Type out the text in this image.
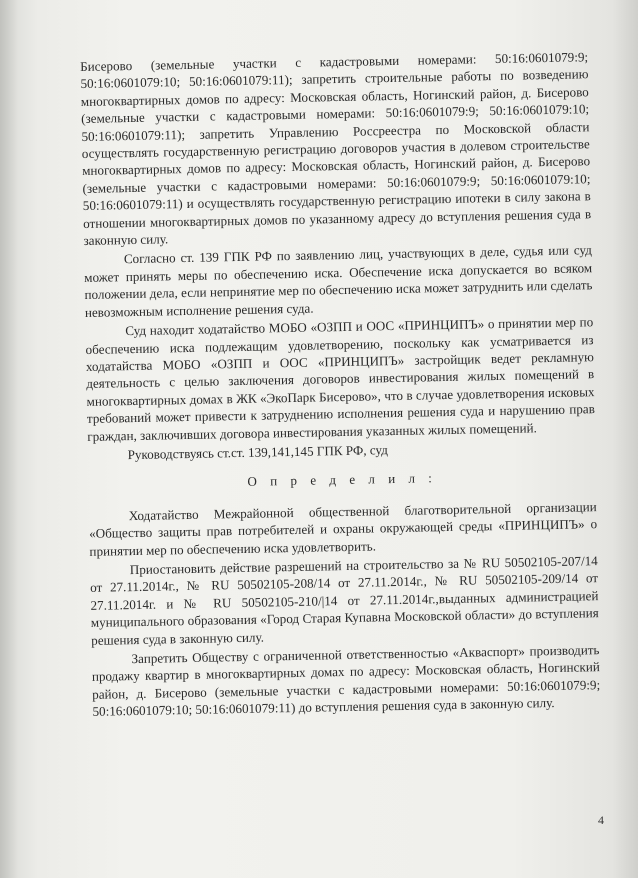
Бисерово (земельные участки с кадастровыми номерами: 50:16:0601079:9; 50:16:0601079:10; 50:16:0601079:11); запретить строительные работы по возведению многоквартирных домов по адресу: Московская область, Ногинский район, д. Бисерово (земельные участки с кадастровыми номерами: 50:16:0601079:9; 50:16:0601079:10; 50:16:0601079:11); запретить Управлению Россреестра по Московской области осуществлять государственную регистрацию договоров участия в долевом строительстве многоквартирных домов по адресу: Московская область, Ногинский район, д. Бисерово (земельные участки с кадастровыми номерами: 50:16:0601079:9; 50:16:0601079:10; 50:16:0601079:11) и осуществлять государственную регистрацию ипотеки в силу закона в отношении многоквартирных домов по указанному адресу до вступления решения суда в законную силу.

Согласно ст. 139 ГПК РФ по заявлению лиц, участвующих в деле, судья или суд может принять меры по обеспечению иска. Обеспечение иска допускается во всяком положении дела, если непринятие мер по обеспечению иска может затруднить или сделать невозможным исполнение решения суда.

Суд находит ходатайство МОБО «ОЗПП и ООС «ПРИНЦИПЪ» о принятии мер по обеспечению иска подлежащим удовлетворению, поскольку как усматривается из ходатайства МОБО «ОЗПП и ООС «ПРИНЦИПЪ» застройщик ведет рекламную деятельность с целью заключения договоров инвестирования жилых помещений в многоквартирных домах в ЖК «ЭкоПарк Бисерово», что в случае удовлетворения исковых требований может привести к затруднению исполнения решения суда и нарушению прав граждан, заключивших договора инвестирования указанных жилых помещений.

Руководствуясь ст.ст. 139,141,145 ГПК РФ, суд

О п р е д е л и л :

Ходатайство Межрайонной общественной благотворительной организации «Общество защиты прав потребителей и охраны окружающей среды «ПРИНЦИПЪ» о принятии мер по обеспечению иска удовлетворить.

Приостановить действие разрешений на строительство за № RU 50502105-207/14 от 27.11.2014г., № RU 50502105-208/14 от 27.11.2014г., № RU 50502105-209/14 от 27.11.2014г. и № RU 50502105-210/|14 от 27.11.2014г.,выданных администрацией муниципального образования «Город Старая Купавна Московской области» до вступления решения суда в законную силу.

Запретить Обществу с ограниченной ответственностью «Акваспорт» производить продажу квартир в многоквартирных домах по адресу: Московская область, Ногинский район, д. Бисерово (земельные участки с кадастровыми номерами: 50:16:0601079:9; 50:16:0601079:10; 50:16:0601079:11) до вступления решения суда в законную силу.

4
